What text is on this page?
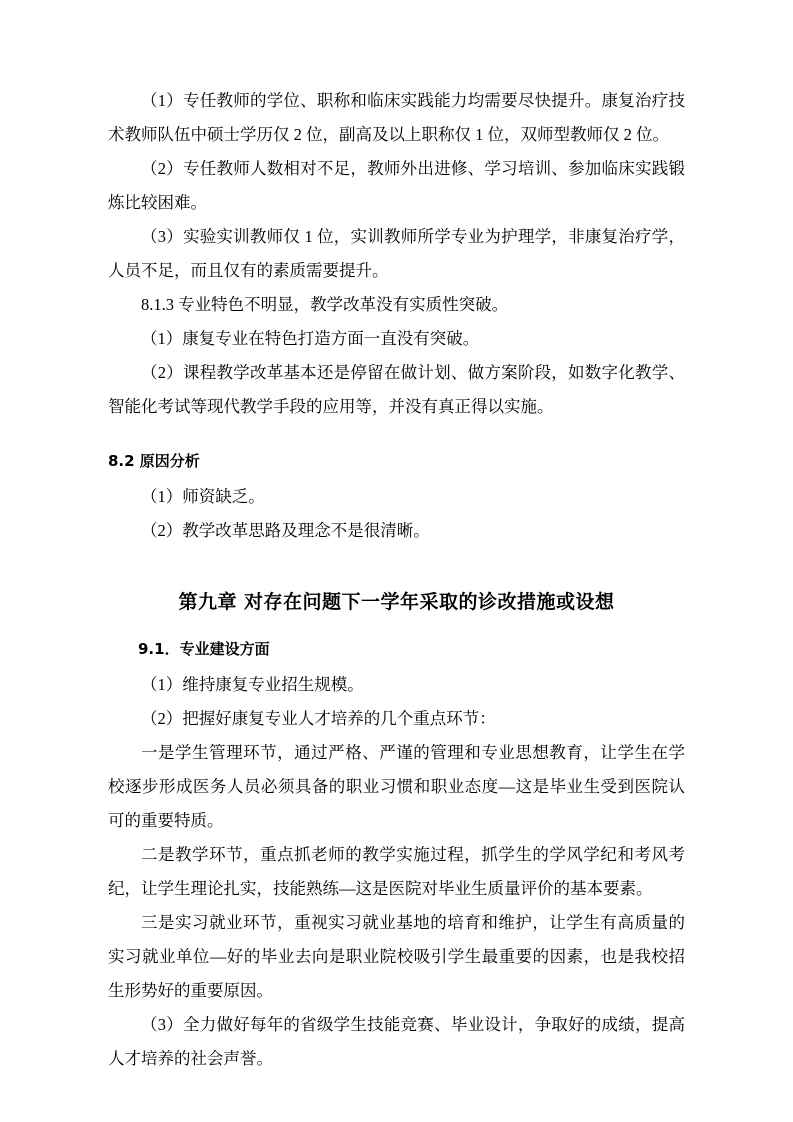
（1）专任教师的学位、职称和临床实践能力均需要尽快提升。康复治疗技术教师队伍中硕士学历仅 2 位，副高及以上职称仅 1 位，双师型教师仅 2 位。

（2）专任教师人数相对不足，教师外出进修、学习培训、参加临床实践锻炼比较困难。

（3）实验实训教师仅 1 位，实训教师所学专业为护理学，非康复治疗学，人员不足，而且仅有的素质需要提升。

8.1.3 专业特色不明显，教学改革没有实质性突破。

（1）康复专业在特色打造方面一直没有突破。

（2）课程教学改革基本还是停留在做计划、做方案阶段，如数字化教学、智能化考试等现代教学手段的应用等，并没有真正得以实施。

8.2 原因分析

（1）师资缺乏。

（2）教学改革思路及理念不是很清晰。

第九章 对存在问题下一学年采取的诊改措施或设想

9.1．专业建设方面

（1）维持康复专业招生规模。

（2）把握好康复专业人才培养的几个重点环节：

一是学生管理环节，通过严格、严谨的管理和专业思想教育，让学生在学校逐步形成医务人员必须具备的职业习惯和职业态度—这是毕业生受到医院认可的重要特质。

二是教学环节，重点抓老师的教学实施过程，抓学生的学风学纪和考风考纪，让学生理论扎实，技能熟练—这是医院对毕业生质量评价的基本要素。

三是实习就业环节，重视实习就业基地的培育和维护，让学生有高质量的实习就业单位—好的毕业去向是职业院校吸引学生最重要的因素，也是我校招生形势好的重要原因。

（3）全力做好每年的省级学生技能竞赛、毕业设计，争取好的成绩，提高人才培养的社会声誉。
